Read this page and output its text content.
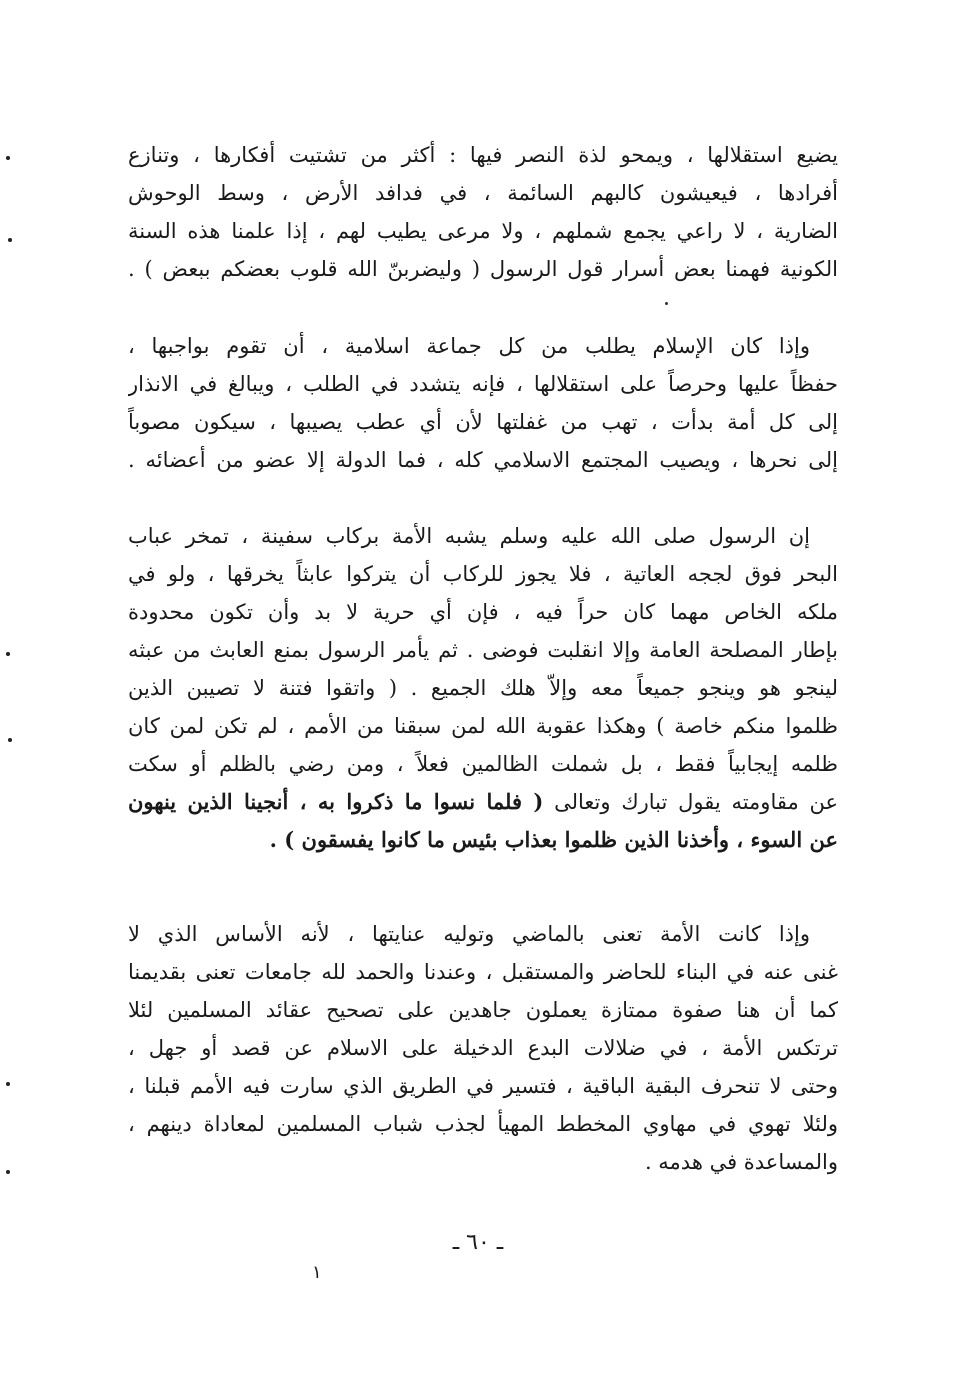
يضيع استقلالها ، ويمحو لذة النصر فيها : أكثر من تشتيت أفكارها ، وتنازع
أفرادها ، فيعيشون كالبهم السائمة ، في فدافد الأرض ، وسط الوحوش
الضارية ، لا راعي يجمع شملهم ، ولا مرعى يطيب لهم ، إذا علمنا هذه السنة
الكونية فهمنا بعض أسرار قول الرسول ( وليضربنّ الله قلوب بعضكم ببعض ) .
وإذا كان الإسلام يطلب من كل جماعة اسلامية ، أن تقوم بواجبها ،
حفظاً عليها وحرصاً على استقلالها ، فإنه يتشدد في الطلب ، ويبالغ في الانذار
إلى كل أمة بدأت ، تهب من غفلتها لأن أي عطب يصيبها ، سيكون مصوباً
إلى نحرها ، ويصيب المجتمع الاسلامي كله ، فما الدولة إلا عضو من أعضائه .
إن الرسول صلى الله عليه وسلم يشبه الأمة بركاب سفينة ، تمخر عباب
البحر فوق لججه العاتية ، فلا يجوز للركاب أن يتركوا عابثاً يخرقها ، ولو في
ملكه الخاص مهما كان حراً فيه ، فإن أي حرية لا بد وأن تكون محدودة
بإطار المصلحة العامة وإلا انقلبت فوضى . ثم يأمر الرسول بمنع العابث من عبثه
لينجو هو وينجو جميعاً معه وإلاّ هلك الجميع . ( واتقوا فتنة لا تصيبن الذين
ظلموا منكم خاصة ) وهكذا عقوبة الله لمن سبقنا من الأمم ، لم تكن لمن كان
ظلمه إيجابياً فقط ، بل شملت الظالمين فعلاً ، ومن رضي بالظلم أو سكت
عن مقاومته يقول تبارك وتعالى ( فلما نسوا ما ذكروا به ، أنجينا الذين ينهون
عن السوء ، وأخذنا الذين ظلموا بعذاب بئيس ما كانوا يفسقون ) .
وإذا كانت الأمة تعنى بالماضي وتوليه عنايتها ، لأنه الأساس الذي لا
غنى عنه في البناء للحاضر والمستقبل ، وعندنا والحمد لله جامعات تعنى بقديمنا
كما أن هنا صفوة ممتازة يعملون جاهدين على تصحيح عقائد المسلمين لئلا
ترتكس الأمة ، في ضلالات البدع الدخيلة على الاسلام عن قصد أو جهل ،
وحتى لا تنحرف البقية الباقية ، فتسير في الطريق الذي سارت فيه الأمم قبلنا ،
ولئلا تهوي في مهاوي المخطط المهيأ لجذب شباب المسلمين لمعاداة دينهم ،
والمساعدة في هدمه .
ـ ٦٠ ـ
١
